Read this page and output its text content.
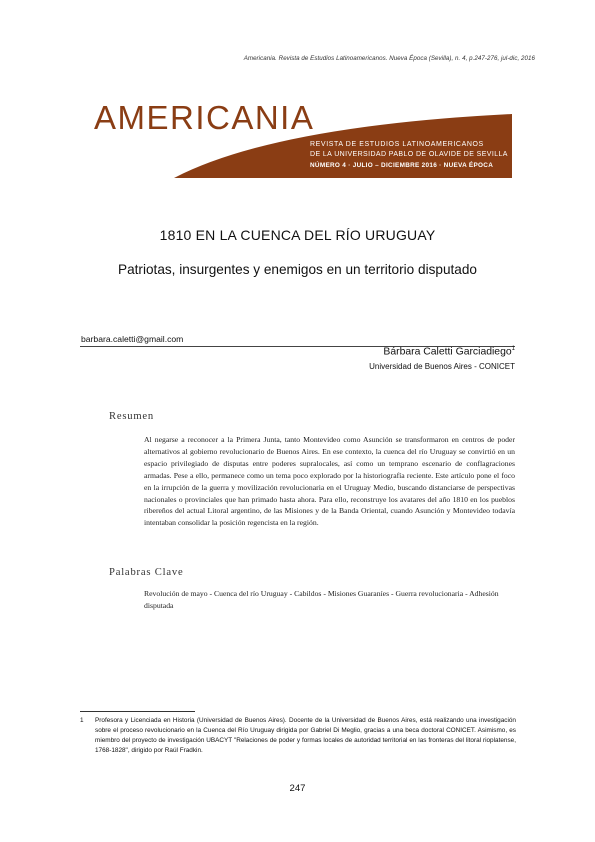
Americania. Revista de Estudios Latinoamericanos. Nueva Época (Sevilla), n. 4, p.247-276, jul-dic, 2016
AMERICANIA
REVISTA DE ESTUDIOS LATINOAMERICANOS
DE LA UNIVERSIDAD PABLO DE OLAVIDE DE SEVILLA
NÚMERO 4 · JULIO – DICIEMBRE 2016 · NUEVA ÉPOCA
1810 EN LA CUENCA DEL RÍO URUGUAY
Patriotas, insurgentes y enemigos en un territorio disputado
barbara.caletti@gmail.com
Bárbara Caletti Garciadiego$^1$
Universidad de Buenos Aires - CONICET
Resumen

Al negarse a reconocer a la Primera Junta, tanto Montevideo como Asunción se transformaron en centros de poder alternativos al gobierno revolucionario de Buenos Aires. En ese contexto, la cuenca del río Uruguay se convirtió en un espacio privilegiado de disputas entre poderes supralocales, así como un temprano escenario de conflagraciones armadas. Pese a ello, permanece como un tema poco explorado por la historiografía reciente. Este artículo pone el foco en la irrupción de la guerra y movilización revolucionaria en el Uruguay Medio, buscando distanciarse de perspectivas nacionales o provinciales que han primado hasta ahora. Para ello, reconstruye los avatares del año 1810 en los pueblos ribereños del actual Litoral argentino, de las Misiones y de la Banda Oriental, cuando Asunción y Montevideo todavía intentaban consolidar la posición regencista en la región.

Palabras Clave

Revolución de mayo - Cuenca del río Uruguay - Cabildos - Misiones Guaraníes - Guerra revolucionaria - Adhesión disputada

1 Profesora y Licenciada en Historia (Universidad de Buenos Aires). Docente de la Universidad de Buenos Aires, está realizando una investigación sobre el proceso revolucionario en la Cuenca del Río Uruguay dirigida por Gabriel Di Meglio, gracias a una beca doctoral CONICET. Asimismo, es miembro del proyecto de investigación UBACYT "Relaciones de poder y formas locales de autoridad territorial en las fronteras del litoral rioplatense, 1768-1828", dirigido por Raúl Fradkin.
247
